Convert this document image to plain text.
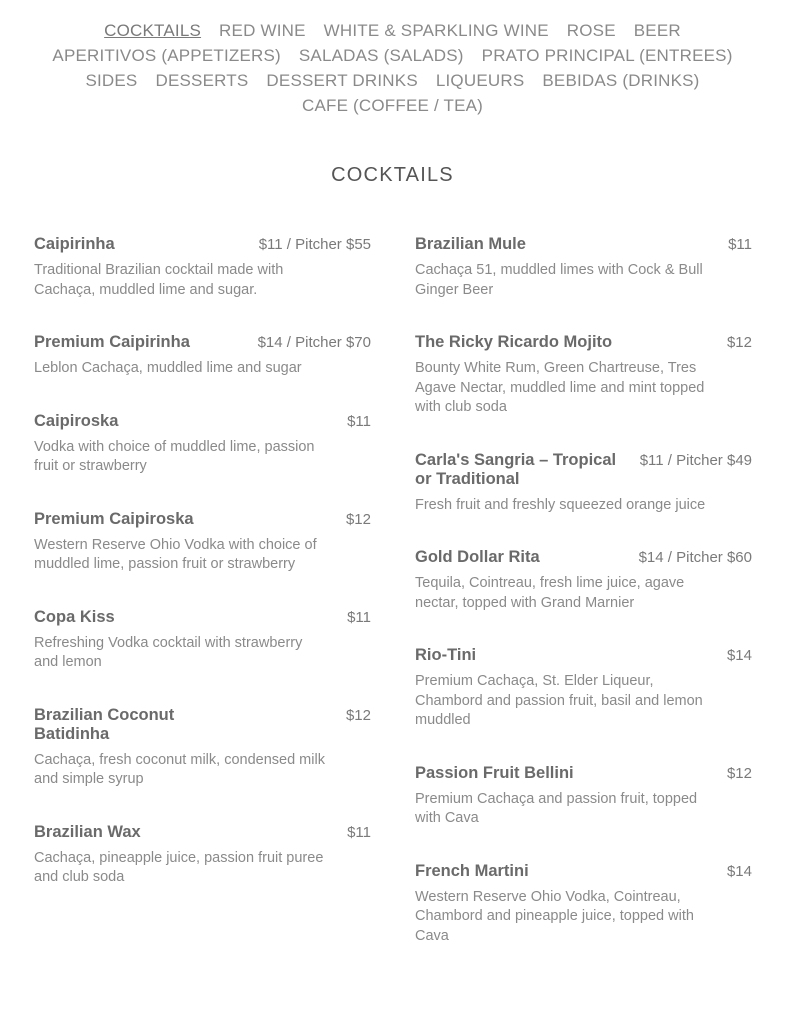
COCKTAILS RED WINE WHITE & SPARKLING WINE ROSE BEER
APERITIVOS (APPETIZERS) SALADAS (SALADS) PRATO PRINCIPAL (ENTREES)
SIDES DESSERTS DESSERT DRINKS LIQUEURS BEBIDAS (DRINKS)
CAFE (COFFEE / TEA)
COCKTAILS
Caipirinha	$11 / Pitcher $55
Traditional Brazilian cocktail made with Cachaça, muddled lime and sugar.
Premium Caipirinha	$14 / Pitcher $70
Leblon Cachaça, muddled lime and sugar
Caipiroska	$11
Vodka with choice of muddled lime, passion fruit or strawberry
Premium Caipiroska	$12
Western Reserve Ohio Vodka with choice of muddled lime, passion fruit or strawberry
Copa Kiss	$11
Refreshing Vodka cocktail with strawberry and lemon
Brazilian Coconut Batidinha
$12
Cachaça, fresh coconut milk, condensed milk and simple syrup
Brazilian Wax	$11
Cachaça, pineapple juice, passion fruit puree and club soda
Brazilian Mule	$11
Cachaça 51, muddled limes with Cock & Bull Ginger Beer
The Ricky Ricardo Mojito	$12
Bounty White Rum, Green Chartreuse, Tres Agave Nectar, muddled lime and mint topped with club soda
Carla's Sangria – Tropical or Traditional
$11 / Pitcher $49
Fresh fruit and freshly squeezed orange juice
Gold Dollar Rita	$14 / Pitcher $60
Tequila, Cointreau, fresh lime juice, agave nectar, topped with Grand Marnier
Rio-Tini	$14
Premium Cachaça, St. Elder Liqueur, Chambord and passion fruit, basil and lemon muddled
Passion Fruit Bellini	$12
Premium Cachaça and passion fruit, topped with Cava
French Martini	$14
Western Reserve Ohio Vodka, Cointreau, Chambord and pineapple juice, topped with Cava
